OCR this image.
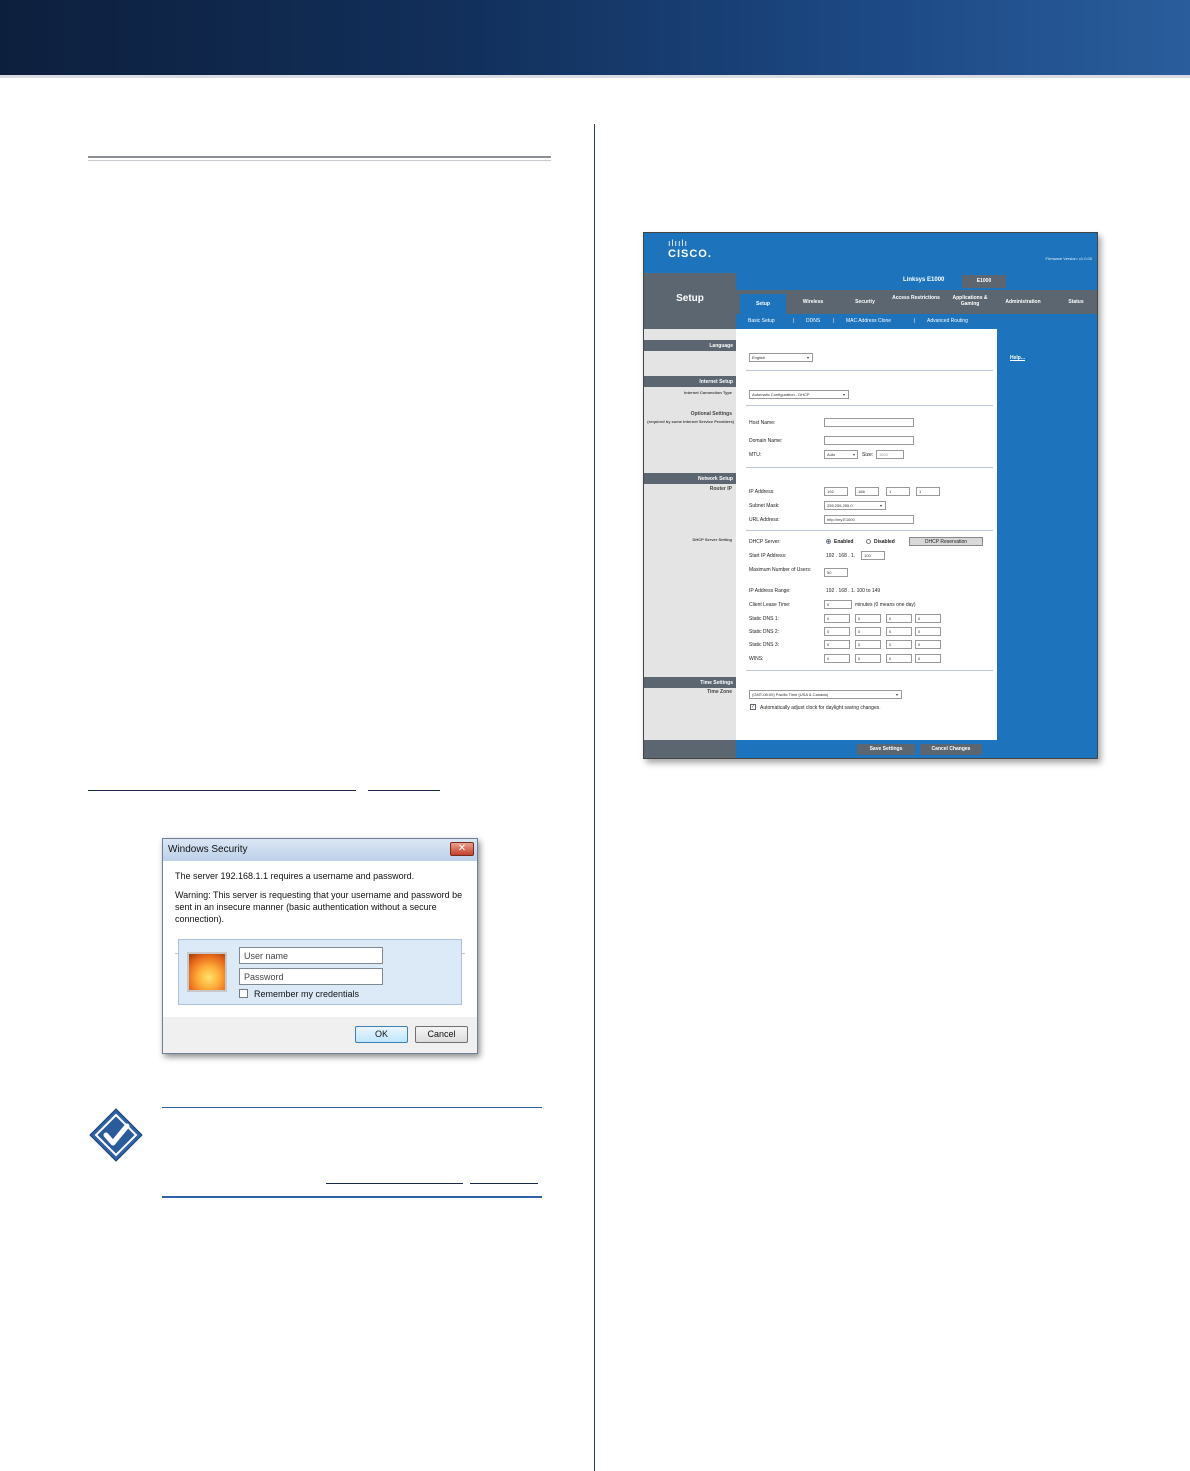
Windows Security	✕
The server 192.168.1.1 requires a username and password.
Warning: This server is requesting that your username and password be sent in an insecure manner (basic authentication without a secure connection).
User name
Password
Remember my credentials
OK	Cancel
ılıılı
CISCO.	Firmware Version: v1.0.00
Setup
Linksys E1000	E1000
Setup	Wireless	Security
Access Restrictions	Applications & Gaming	Administration	Status
Basic Setup	| DDNS	| MAC Address Clone	| Advanced Routing
Language
Internet Setup
Internet Connection Type
Optional Settings
(required by some Internet Service Providers)
Network Setup
Router IP
DHCP Server Setting
Time Settings
Time Zone
Help...
English	▾
Automatic Configuration - DHCP	▾
Host Name:
Domain Name:
MTU:	Auto	▾ Size:	1500
IP Address:	192	168	1	1
Subnet Mask:	255.255.255.0	▾
URL Address:	http://my.E1000
DHCP Server:	Enabled	Disabled	DHCP Reservation
Start IP Address:	192 . 168 . 1.	100
Maximum Number of Users:	50
IP Address Range:	192 . 168 . 1. 100 to 149
Client Lease Time:	0	minutes (0 means one day)
Static DNS 1:	0	0	0	0
Static DNS 2:	0	0	0	0
Static DNS 3:	0	0	0	0
WINS:	0	0	0	0
(GMT-08:00) Pacific Time (USA & Canada)	▾
✓ Automatically adjust clock for daylight saving changes.
Save Settings	Cancel Changes
